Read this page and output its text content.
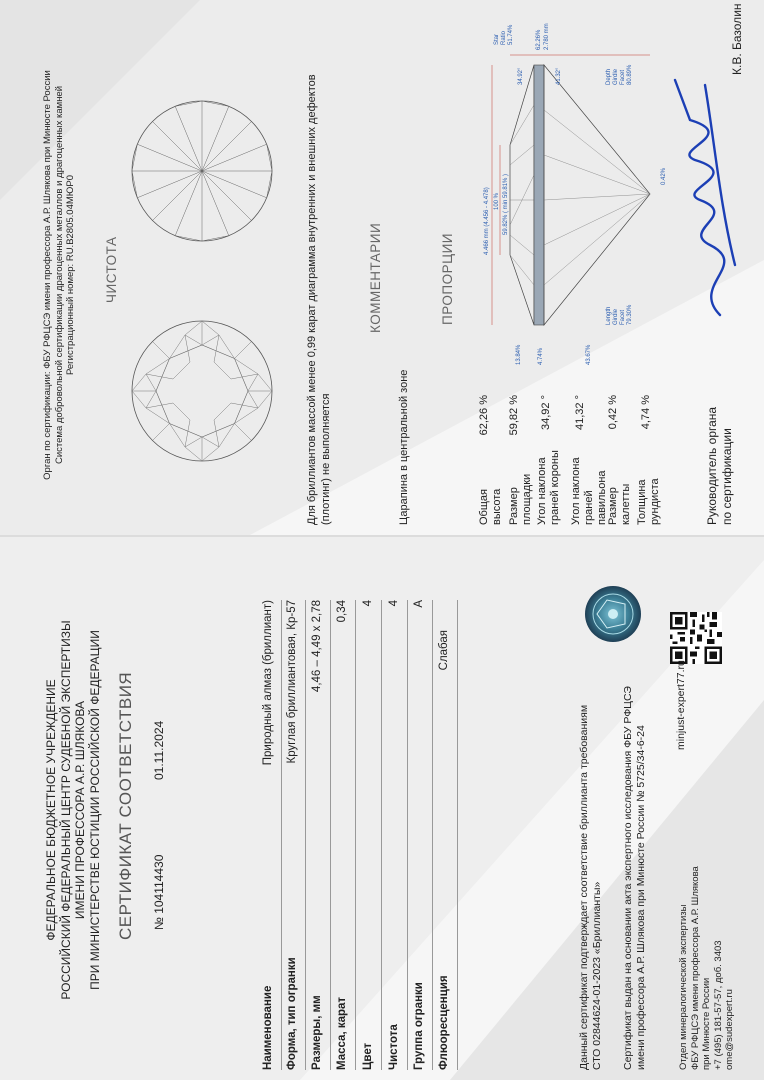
ФЕДЕРАЛЬНОЕ БЮДЖЕТНОЕ УЧРЕЖДЕНИЕ РОССИЙСКИЙ ФЕДЕРАЛЬНЫЙ ЦЕНТР СУДЕБНОЙ ЭКСПЕРТИЗЫ ИМЕНИ ПРОФЕССОРА А.Р. ШЛЯКОВА ПРИ МИНИСТЕРСТВЕ ЮСТИЦИИ РОССИЙСКОЙ ФЕДЕРАЦИИ СЕРТИФИКАТ СООТВЕТСТВИЯ № 104114430
01.11.2024
Наименование
Природный алмаз (бриллиант)
Форма, тип огранки
Круглая бриллиантовая, Кр-57
Размеры, мм
4,46 – 4,49 x 2,78
Масса, карат
0,34
Цвет
4
Чистота
4
Группа огранки
A
Флюоресценция
Слабая
Данный сертификат подтверждает соответствие бриллианта требованиям СТО 02844624-01-2023 «Бриллианты» Сертификат выдан на основании акта экспертного исследования ФБУ РФЦСЭ имени профессора А.Р. Шлякова при Минюсте России № 5725/34-6-24
minjust-expert77.ru
Отдел минералогической экспертизы ФБУ РФЦСЭ имени профессора А.Р. Шлякова при Минюсте России +7 (495) 181-57-57, доб. 3403 omе@sudexpert.ru
Орган по сертификации: ФБУ РФЦСЭ имени профессора А.Р. Шлякова при Минюсте России Система добровольной сертификации драгоценных металлов и драгоценных камней Регистрационный номер: RU.В2805.04МЮР0 ЧИСТОТА	Для бриллиантов массой менее 0,99 карат диаграмма внутренних и внешних дефектов (плотинг) не выполняется
КОММЕНТАРИИ
Царапина в центральной зоне
ПРОПОРЦИИ
Общая высота
62,26 %
Размер площадки
59,82 %
Угол наклона граней короны
34,92 °
Угол наклона граней павильона
41,32 °
Размер калетты
0,42 %
Толщина рундиста
4,74 %
4.466 mm (4.456 - 4.478) 100 % 59.82% ( min 59.81% )
62.26% 2.780 mm
13.84%	4.74%	43.67%
0.42%
Star Ratio 51.74%
34.92°	41.32°
Length Girdle Facet 79.30%
Depth Girdle Facet 80.89%
Руководитель органа по сертификации
К.В. Базолин
